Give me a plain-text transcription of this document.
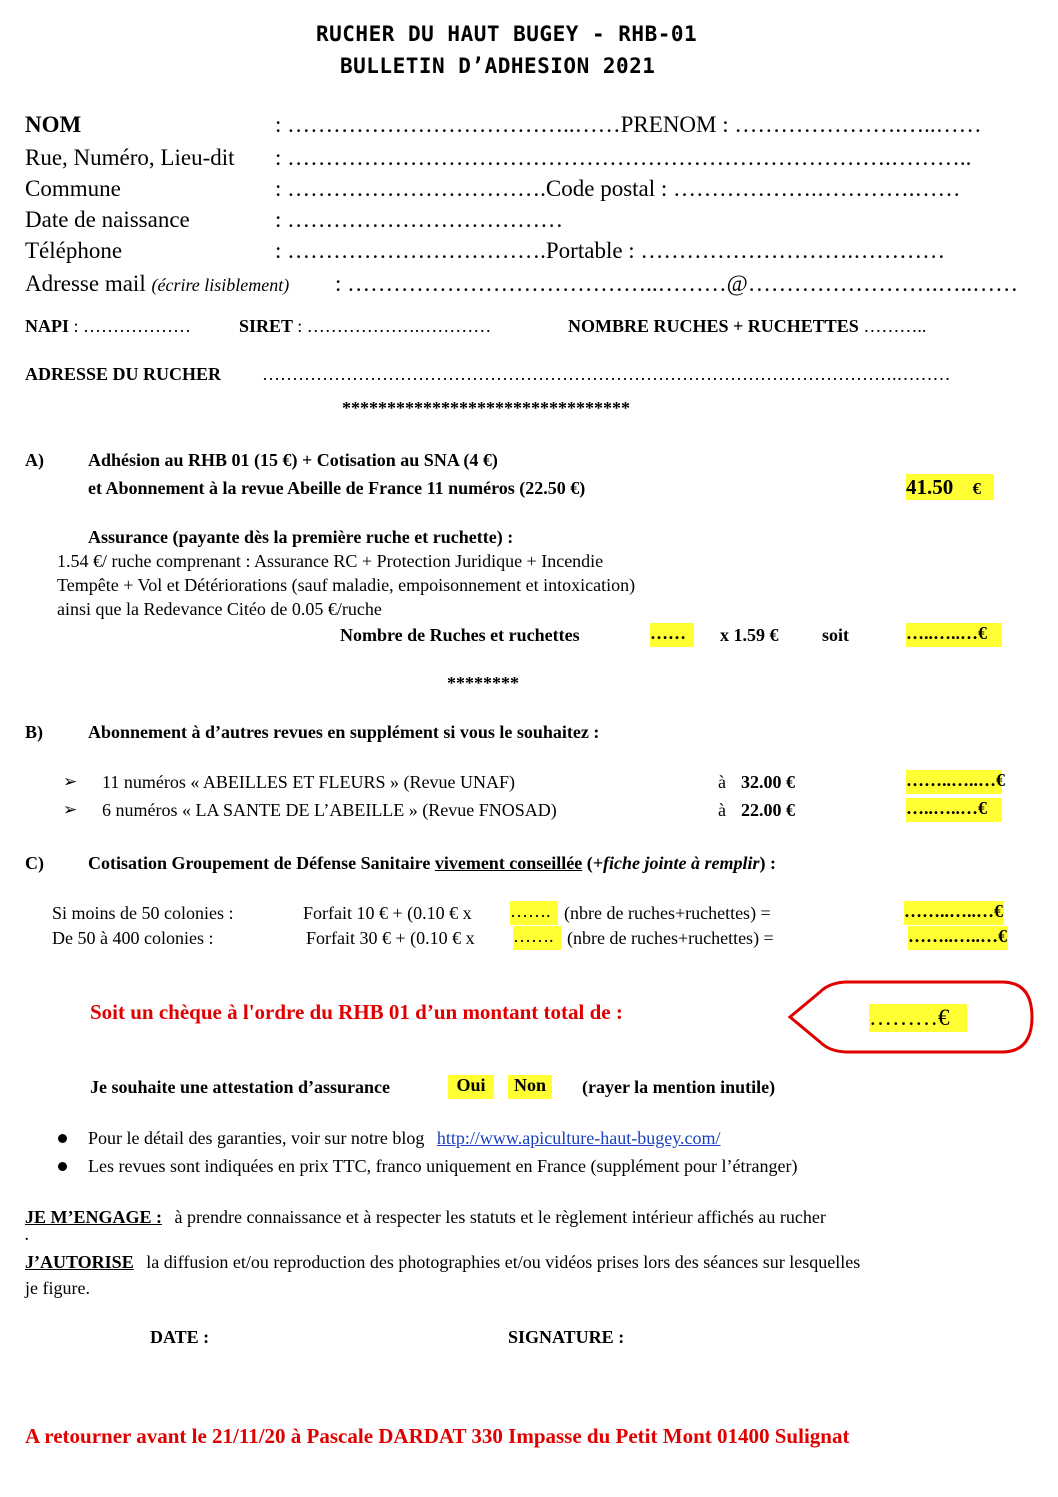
RUCHER DU HAUT BUGEY - RHB-01
BULLETIN D’ADHESION 2021
NOM	: ………………………………..……PRENOM : ………………….…..……
Rue, Numéro, Lieu-dit : …………………………………………………………………….………..
Commune	: …………………………….Code postal : ……………….………….……
Date de naissance	: ………………………………
Téléphone	: …………………………….Portable : ……………………….…………
Adresse mail (écrire lisiblement) : …………………………………..………@…………………….…..……
NAPI : ………………	SIRET : ……………….…………	NOMBRE RUCHES + RUCHETTES ………..
ADRESSE DU RUCHER …………………………………………………………………………………………….………
********************************
A) Adhésion au RHB 01 (15 €) + Cotisation au SNA (4 €)
et Abonnement à la revue Abeille de France 11 numéros (22.50 €)	41.50 €
Assurance (payante dès la première ruche et ruchette) :
1.54 €/ ruche comprenant : Assurance RC + Protection Juridique + Incendie
Tempête + Vol et Détériorations (sauf maladie, empoisonnement et intoxication)
ainsi que la Redevance Citéo de 0.05 €/ruche
Nombre de Ruches et ruchettes	……	x 1.59 € soit	…..…..…€
********
B)	Abonnement à d’autres revues en supplément si vous le souhaitez :
➢ 11 numéros « ABEILLES ET FLEURS » (Revue UNAF)	à 32.00 €	……..…..…€
➢ 6 numéros « LA SANTE DE L’ABEILLE » (Revue FNOSAD)	à 22.00 €	…..…..…€
C) Cotisation Groupement de Défense Sanitaire vivement conseillée (+fiche jointe à remplir) :
Si moins de 50 colonies :	Forfait 10 € + (0.10 € x ……. (nbre de ruches+ruchettes) =	……..…..…€
De 50 à 400 colonies :	Forfait 30 € + (0.10 € x ……. (nbre de ruches+ruchettes) =	……..…..…€
Soit un chèque à l'ordre du RHB 01 d’un montant total de :	………€
Je souhaite une attestation d’assurance	Oui	Non	(rayer la mention inutile)
Pour le détail des garanties, voir sur notre blog http://www.apiculture-haut-bugey.com/
Les revues sont indiquées en prix TTC, franco uniquement en France (supplément pour l’étranger)
JE M’ENGAGE : à prendre connaissance et à respecter les statuts et le règlement intérieur affichés au rucher
.
J’AUTORISE la diffusion et/ou reproduction des photographies et/ou vidéos prises lors des séances sur lesquelles
je figure.
DATE :	SIGNATURE :
A retourner avant le 21/11/20 à Pascale DARDAT 330 Impasse du Petit Mont 01400 Sulignat
